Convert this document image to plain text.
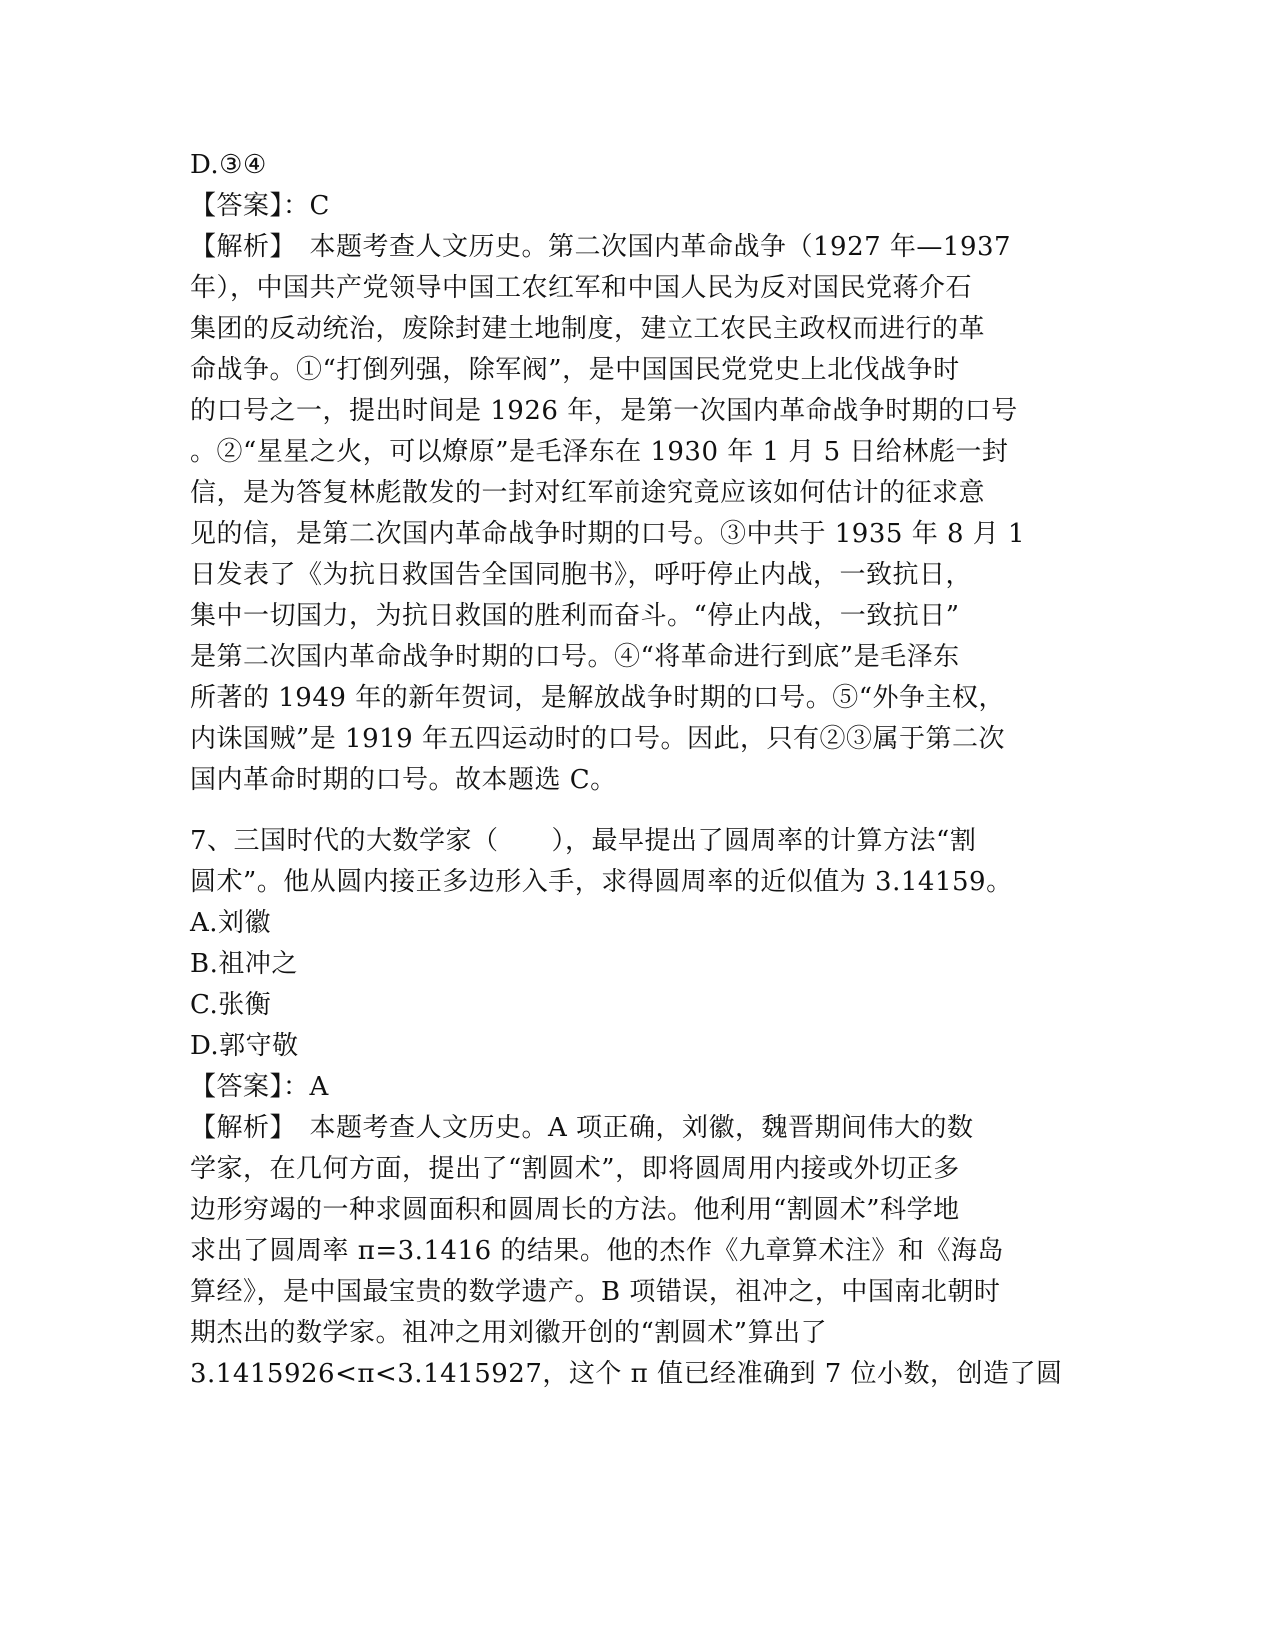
D.③④
【答案】：C
【解析】　本题考查人文历史。第二次国内革命战争（1927 年—1937
年），中国共产党领导中国工农红军和中国人民为反对国民党蒋介石
集团的反动统治，废除封建土地制度，建立工农民主政权而进行的革
命战争。①“打倒列强，除军阀”，是中国国民党党史上北伐战争时
的口号之一，提出时间是 1926 年，是第一次国内革命战争时期的口号
。②“星星之火，可以燎原”是毛泽东在 1930 年 1 月 5 日给林彪一封
信，是为答复林彪散发的一封对红军前途究竟应该如何估计的征求意
见的信，是第二次国内革命战争时期的口号。③中共于 1935 年 8 月 1
日发表了《为抗日救国告全国同胞书》，呼吁停止内战，一致抗日，
集中一切国力，为抗日救国的胜利而奋斗。“停止内战，一致抗日”
是第二次国内革命战争时期的口号。④“将革命进行到底”是毛泽东
所著的 1949 年的新年贺词，是解放战争时期的口号。⑤“外争主权，
内诛国贼”是 1919 年五四运动时的口号。因此，只有②③属于第二次
国内革命时期的口号。故本题选 C。
7、三国时代的大数学家（　　），最早提出了圆周率的计算方法“割
圆术”。他从圆内接正多边形入手，求得圆周率的近似值为 3.14159。
A.刘徽
B.祖冲之
C.张衡
D.郭守敬
【答案】：A
【解析】　本题考查人文历史。A 项正确，刘徽，魏晋期间伟大的数
学家，在几何方面，提出了“割圆术”，即将圆周用内接或外切正多
边形穷竭的一种求圆面积和圆周长的方法。他利用“割圆术”科学地
求出了圆周率 π=3.1416 的结果。他的杰作《九章算术注》和《海岛
算经》，是中国最宝贵的数学遗产。B 项错误，祖冲之，中国南北朝时
期杰出的数学家。祖冲之用刘徽开创的“割圆术”算出了
3.1415926<π<3.1415927，这个 π 值已经准确到 7 位小数，创造了圆
